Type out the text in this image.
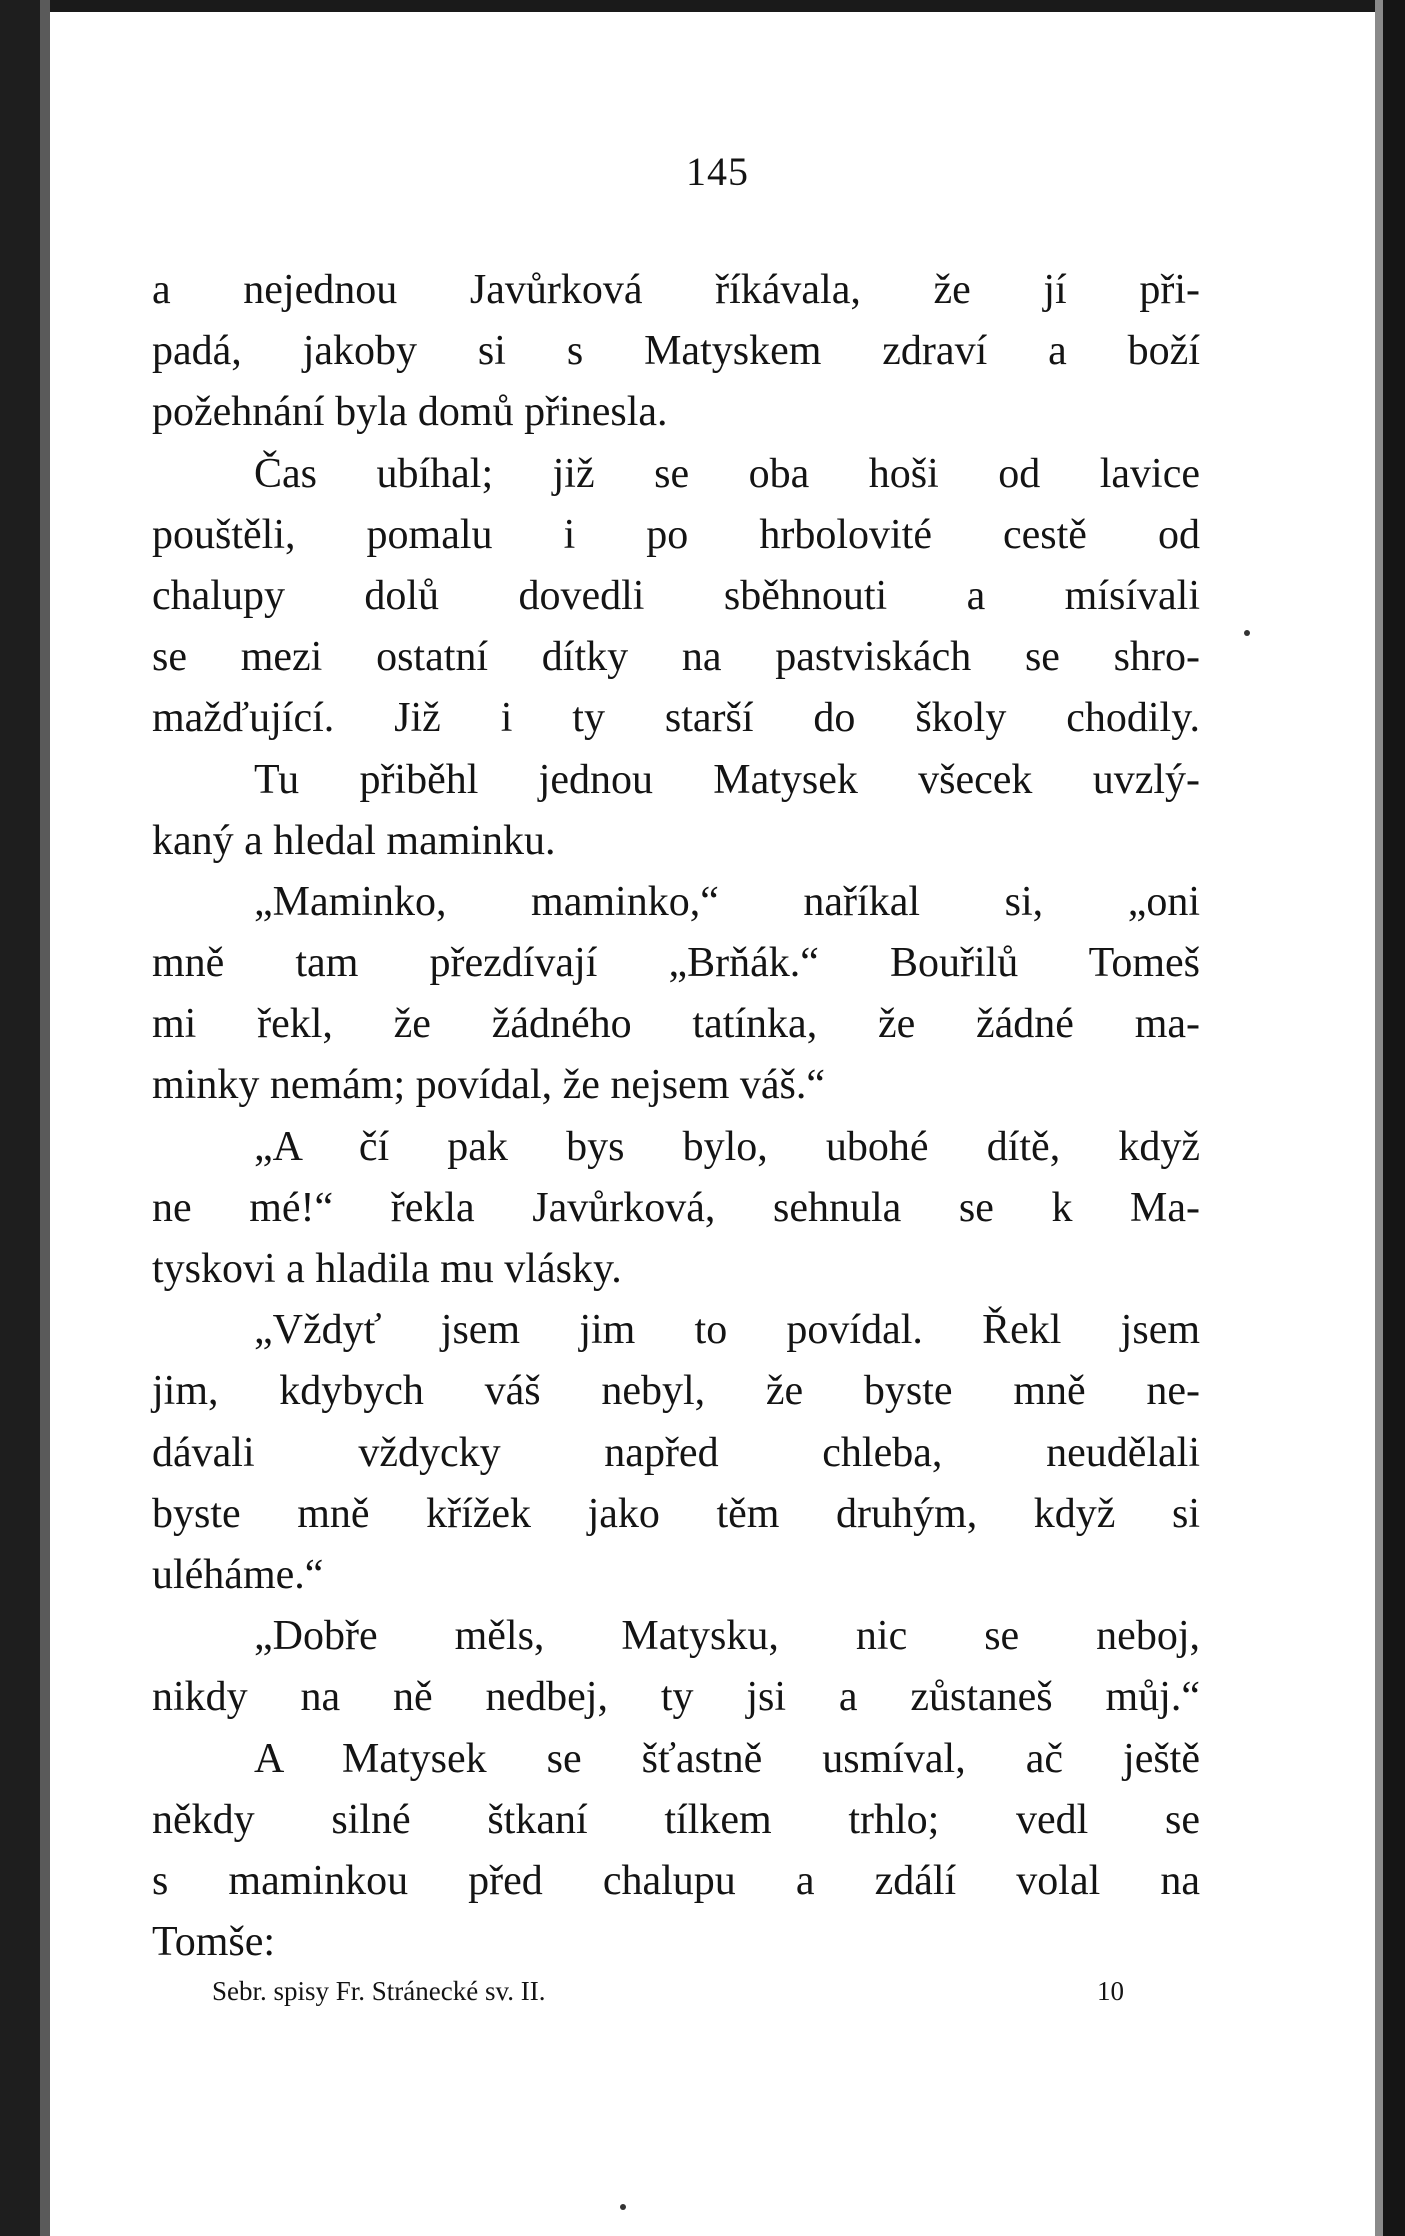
145
a nejednou Javůrková říkávala, že jí při-
padá, jakoby si s Matyskem zdraví a boží
požehnání byla domů přinesla.
Čas ubíhal; již se oba hoši od lavice
pouštěli, pomalu i po hrbolovité cestě od
chalupy dolů dovedli sběhnouti a mísívali
se mezi ostatní dítky na pastviskách se shro-
mažďující. Již i ty starší do školy chodily.
Tu přiběhl jednou Matysek všecek uvzlý-
kaný a hledal maminku.
„Maminko, maminko,“ naříkal si, „oni
mně tam přezdívají „Brňák.“ Bouřilů Tomeš
mi řekl, že žádného tatínka, že žádné ma-
minky nemám; povídal, že nejsem váš.“
„A čí pak bys bylo, ubohé dítě, když
ne mé!“ řekla Javůrková, sehnula se k Ma-
tyskovi a hladila mu vlásky.
„Vždyť jsem jim to povídal. Řekl jsem
jim, kdybych váš nebyl, že byste mně ne-
dávali vždycky napřed chleba, neudělali
byste mně křížek jako těm druhým, když si
uléháme.“
„Dobře měls, Matysku, nic se neboj,
nikdy na ně nedbej, ty jsi a zůstaneš můj.“
A Matysek se šťastně usmíval, ač ještě
někdy silné štkaní tílkem trhlo; vedl se
s maminkou před chalupu a zdálí volal na
Tomše:
Sebr. spisy Fr. Stránecké sv. II.	10
